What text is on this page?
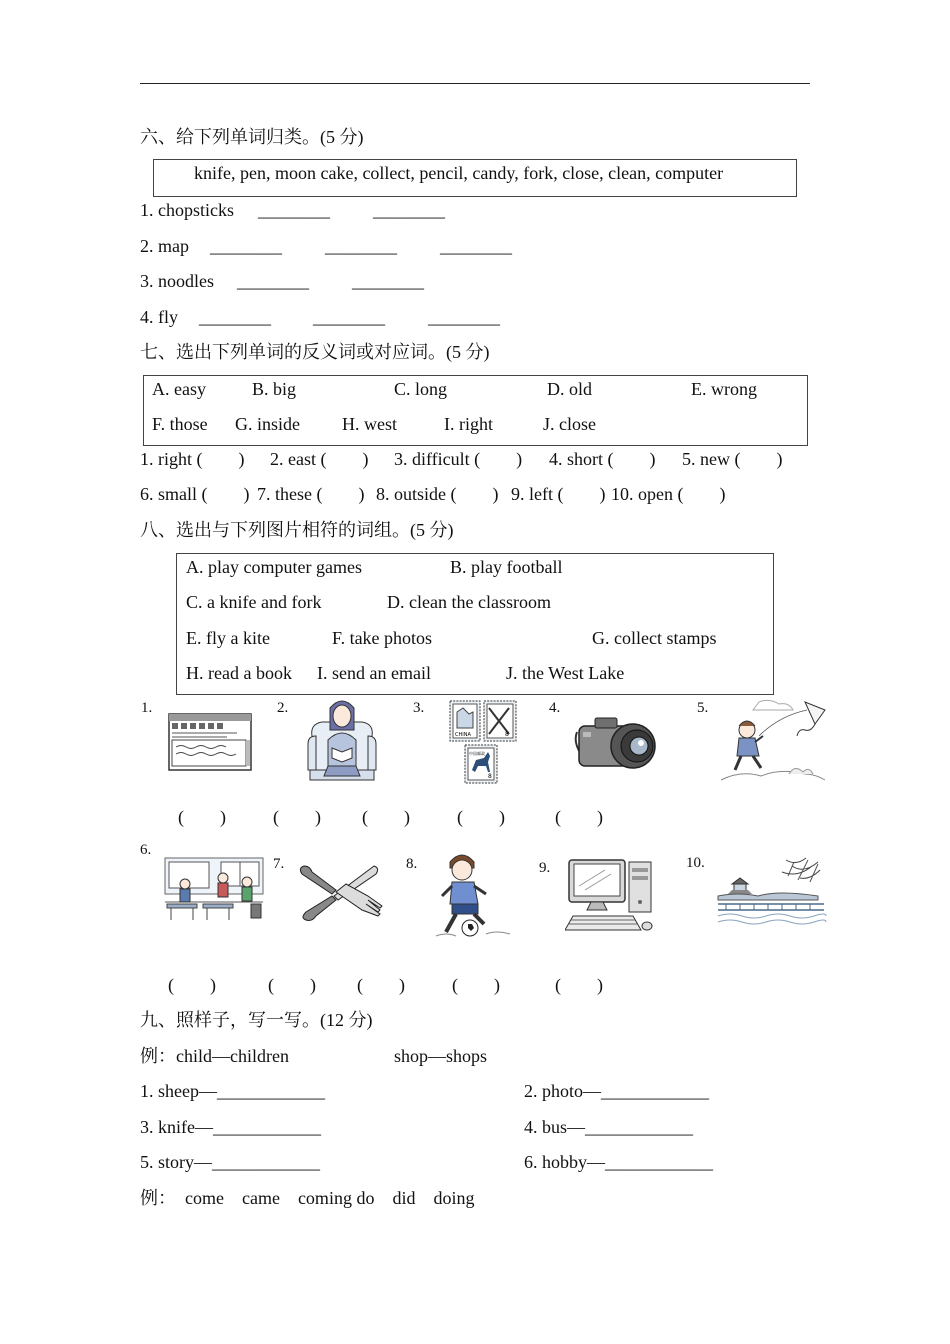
六、给下列单词归类。(5 分)
knife, pen, moon cake, collect, pencil, candy, fork, close, clean, computer
1. chopsticks ________ ________
2. map ________ ________ ________
3. noodles ________ ________
4. fly ________ ________ ________
七、选出下列单词的反义词或对应词。(5 分)
A. easy	B. big	C. long	D. old	E. wrong
F. those G. inside H. west	I. right	J. close
1. right (        ) 2. east (        ) 3. difficult (        ) 4. short (        ) 5. new (        )
6. small (        ) 7. these (        ) 8. outside (        ) 9. left (        ) 10. open (        )
八、选出与下列图片相符的词组。(5 分)
A. play computer games	B. play football
C. a knife and fork	D. clean the classroom
E. fly a kite	F. take photos	G. collect stamps
H. read a book I. send an email	J. the West Lake
1.	2.	3.	4.	5.
CHINA	8
中国邮政
8
(        )	(        ) (        )	(        )	(        )
6.
7.	8.	9.	10.
(        )	(        ) (        )	(        )	(        )
九、照样子，写一写。(12 分)
例：child—children	shop—shops
1. sheep—____________	2. photo—____________
3. knife—____________	4. bus—____________
5. story—____________	6. hobby—____________
例：  come    came    coming do    did    doing
